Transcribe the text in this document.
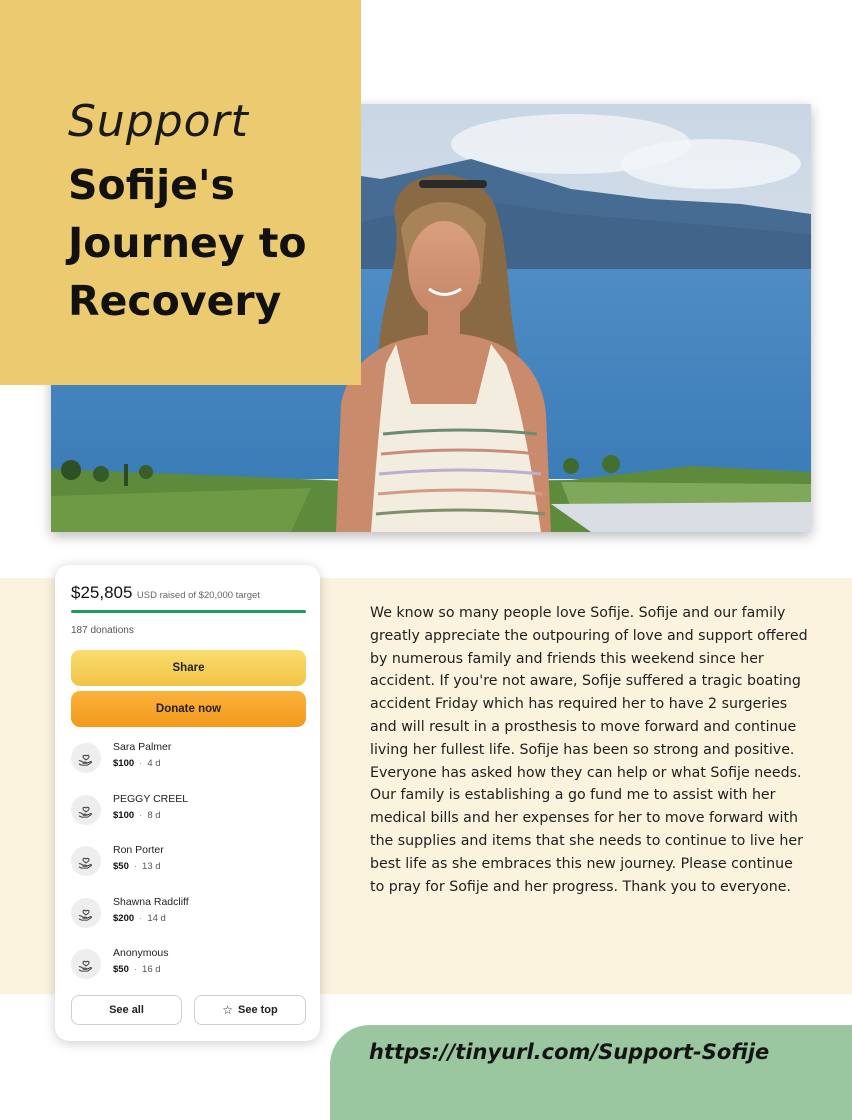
Support
Sofije's Journey to Recovery
$25,805 USD raised of $20,000 target
187 donations
Share
Donate now
Sara Palmer
$100 · 4 d
PEGGY CREEL
$100 · 8 d
Ron Porter
$50 · 13 d
Shawna Radcliff
$200 · 14 d
Anonymous
$50 · 16 d
See all	☆ See top
We know so many people love Sofije. Sofije and our family greatly appreciate the outpouring of love and support offered by numerous family and friends this weekend since her accident. If you're not aware, Sofije suffered a tragic boating accident Friday which has required her to have 2 surgeries and will result in a prosthesis to move forward and continue living her fullest life. Sofije has been so strong and positive. Everyone has asked how they can help or what Sofije needs. Our family is establishing a go fund me to assist with her medical bills and her expenses for her to move forward with the supplies and items that she needs to continue to live her best life as she embraces this new journey. Please continue to pray for Sofije and her progress. Thank you to everyone.
https://tinyurl.com/Support-Sofije
